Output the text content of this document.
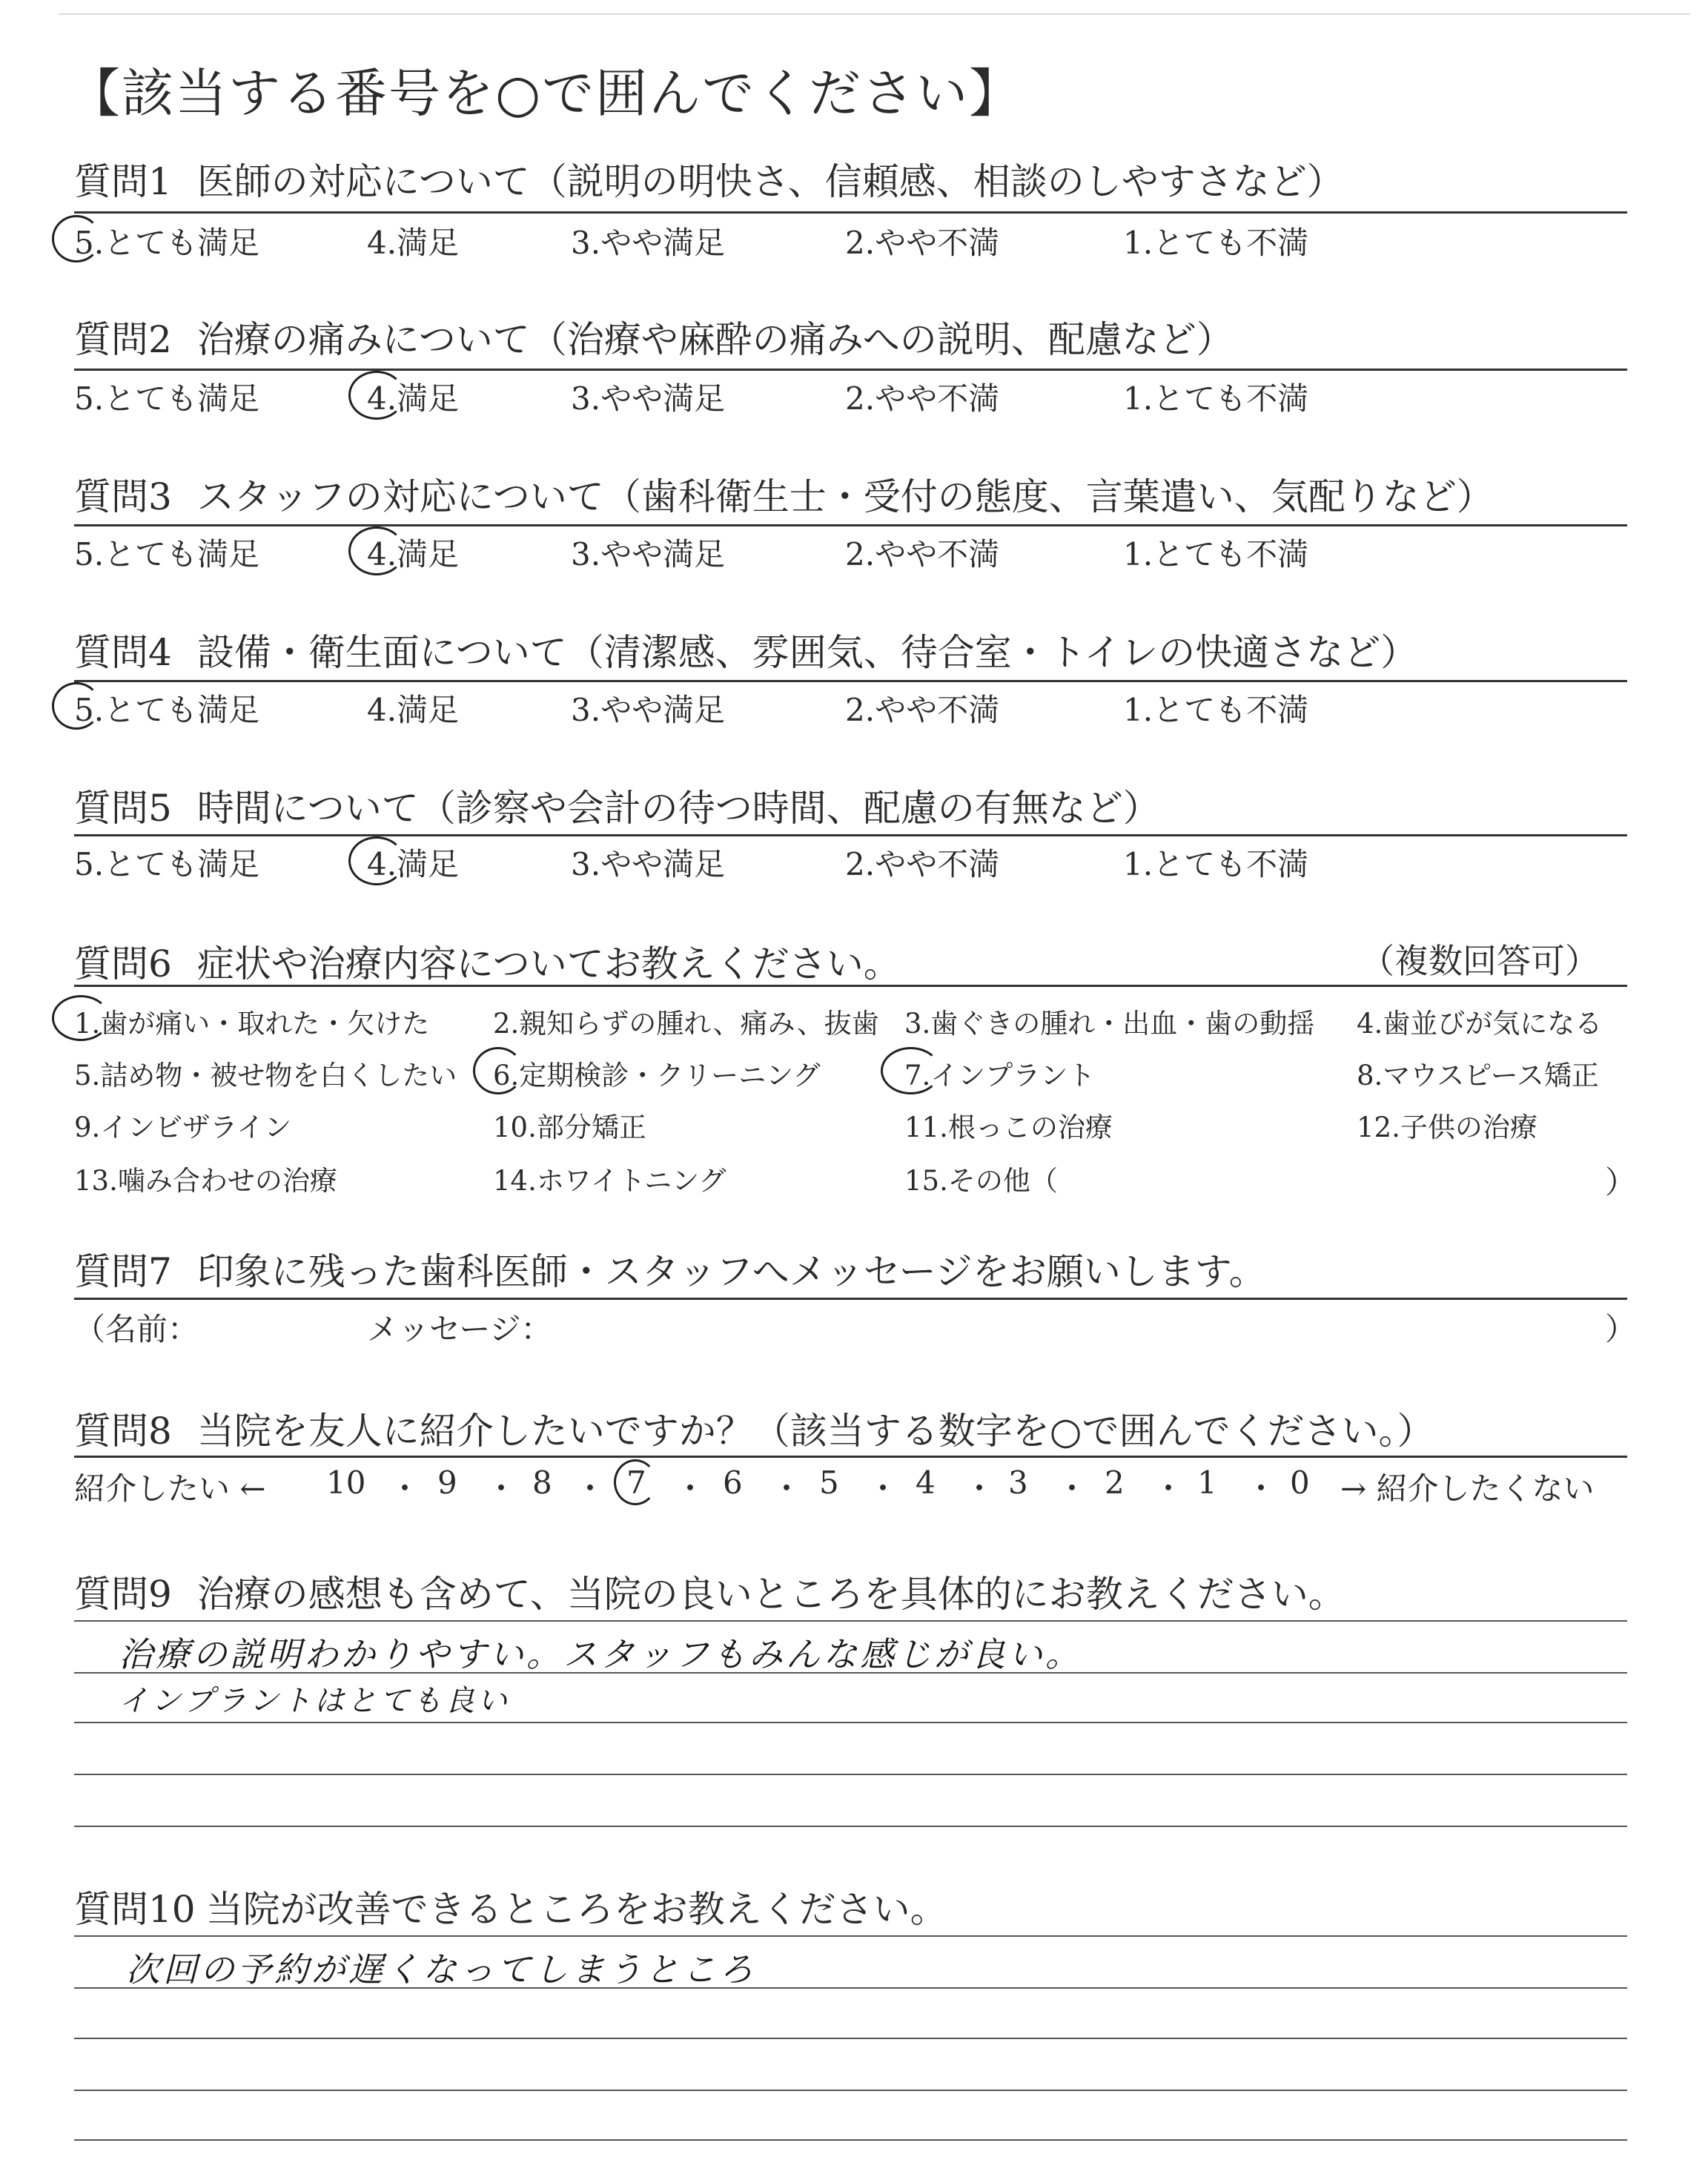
【該当する番号を○で囲んでください】
質問1 医師の対応について（説明の明快さ、信頼感、相談のしやすさなど）
5.とても満足	4.満足	3.やや満足	2.やや不満	1.とても不満
質問2 治療の痛みについて（治療や麻酔の痛みへの説明、配慮など）
5.とても満足	4.満足	3.やや満足	2.やや不満	1.とても不満
質問3 スタッフの対応について（歯科衛生士・受付の態度、言葉遣い、気配りなど）
5.とても満足	4.満足	3.やや満足	2.やや不満	1.とても不満
質問4 設備・衛生面について（清潔感、雰囲気、待合室・トイレの快適さなど）
5.とても満足	4.満足	3.やや満足	2.やや不満	1.とても不満
質問5 時間について（診察や会計の待つ時間、配慮の有無など）
5.とても満足	4.満足	3.やや満足	2.やや不満	1.とても不満
質問6 症状や治療内容についてお教えください。	（複数回答可）
1.歯が痛い・取れた・欠けた 2.親知らずの腫れ、痛み、抜歯 3.歯ぐきの腫れ・出血・歯の動揺 4.歯並びが気になる
5.詰め物・被せ物を白くしたい 6.定期検診・クリーニング	7.インプラント	8.マウスピース矯正
9.インビザライン	10.部分矯正	11.根っこの治療	12.子供の治療
13.噛み合わせの治療	14.ホワイトニング	15.その他（	）
質問7 印象に残った歯科医師・スタッフへメッセージをお願いします。
（名前：	メッセージ：	）
質問8 当院を友人に紹介したいですか？（該当する数字を○で囲んでください。）
紹介したい ← 10 ・ 9 ・ 8 ・ 7 ・ 6 ・ 5 ・ 4 ・ 3 ・ 2 ・ 1 ・ 0 → 紹介したくない
質問9 治療の感想も含めて、当院の良いところを具体的にお教えください。
治療の説明わかりやすい。スタッフもみんな感じが良い。
インプラントはとても良い
質問10 当院が改善できるところをお教えください。
次回の予約が遅くなってしまうところ
